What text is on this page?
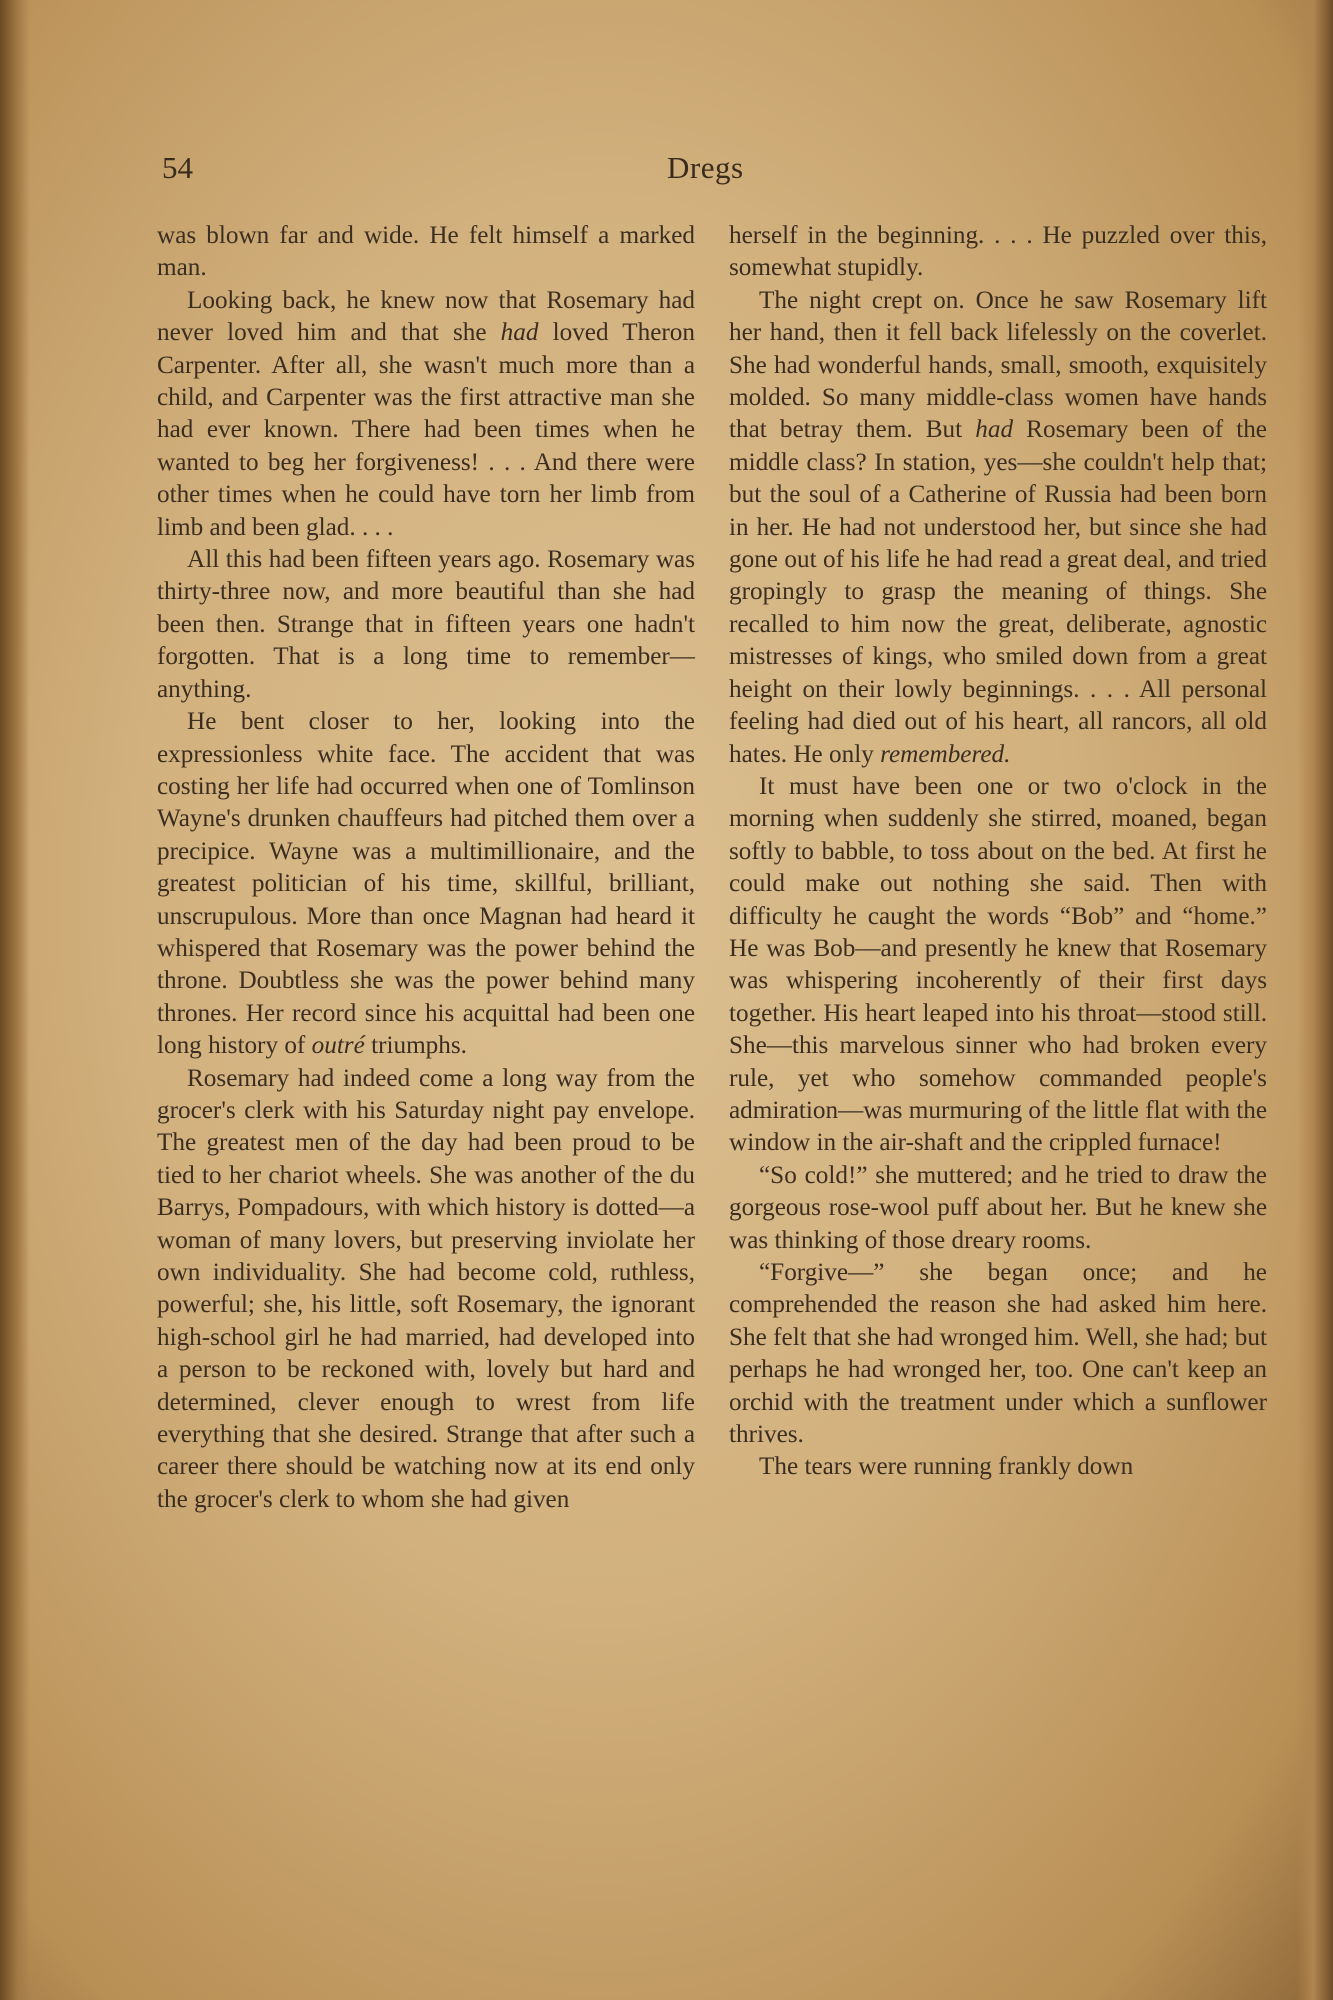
54	Dregs

was blown far and wide. He felt himself a marked man.

Looking back, he knew now that Rosemary had never loved him and that she had loved Theron Carpenter. After all, she wasn't much more than a child, and Carpenter was the first attractive man she had ever known. There had been times when he wanted to beg her forgiveness! . . . And there were other times when he could have torn her limb from limb and been glad. . . .

All this had been fifteen years ago. Rosemary was thirty-three now, and more beautiful than she had been then. Strange that in fifteen years one hadn't forgotten. That is a long time to remember—anything.

He bent closer to her, looking into the expressionless white face. The accident that was costing her life had occurred when one of Tomlinson Wayne's drunken chauffeurs had pitched them over a precipice. Wayne was a multimillionaire, and the greatest politician of his time, skillful, brilliant, unscrupulous. More than once Magnan had heard it whispered that Rosemary was the power behind the throne. Doubtless she was the power behind many thrones. Her record since his acquittal had been one long history of outré triumphs.

Rosemary had indeed come a long way from the grocer's clerk with his Saturday night pay envelope. The greatest men of the day had been proud to be tied to her chariot wheels. She was another of the du Barrys, Pompadours, with which history is dotted—a woman of many lovers, but preserving inviolate her own individuality. She had become cold, ruthless, powerful; she, his little, soft Rosemary, the ignorant high-school girl he had married, had developed into a person to be reckoned with, lovely but hard and determined, clever enough to wrest from life everything that she desired. Strange that after such a career there should be watching now at its end only the grocer's clerk to whom she had given

herself in the beginning. . . . He puzzled over this, somewhat stupidly.

The night crept on. Once he saw Rosemary lift her hand, then it fell back lifelessly on the coverlet. She had wonderful hands, small, smooth, exquisitely molded. So many middle-class women have hands that betray them. But had Rosemary been of the middle class? In station, yes—she couldn't help that; but the soul of a Catherine of Russia had been born in her. He had not understood her, but since she had gone out of his life he had read a great deal, and tried gropingly to grasp the meaning of things. She recalled to him now the great, deliberate, agnostic mistresses of kings, who smiled down from a great height on their lowly beginnings. . . . All personal feeling had died out of his heart, all rancors, all old hates. He only remembered.

It must have been one or two o'clock in the morning when suddenly she stirred, moaned, began softly to babble, to toss about on the bed. At first he could make out nothing she said. Then with difficulty he caught the words “Bob” and “home.” He was Bob—and presently he knew that Rosemary was whispering incoherently of their first days together. His heart leaped into his throat—stood still. She—this marvelous sinner who had broken every rule, yet who somehow commanded people's admiration—was murmuring of the little flat with the window in the air-shaft and the crippled furnace!

“So cold!” she muttered; and he tried to draw the gorgeous rose-wool puff about her. But he knew she was thinking of those dreary rooms.

“Forgive—” she began once; and he comprehended the reason she had asked him here. She felt that she had wronged him. Well, she had; but perhaps he had wronged her, too. One can't keep an orchid with the treatment under which a sunflower thrives.

The tears were running frankly down
